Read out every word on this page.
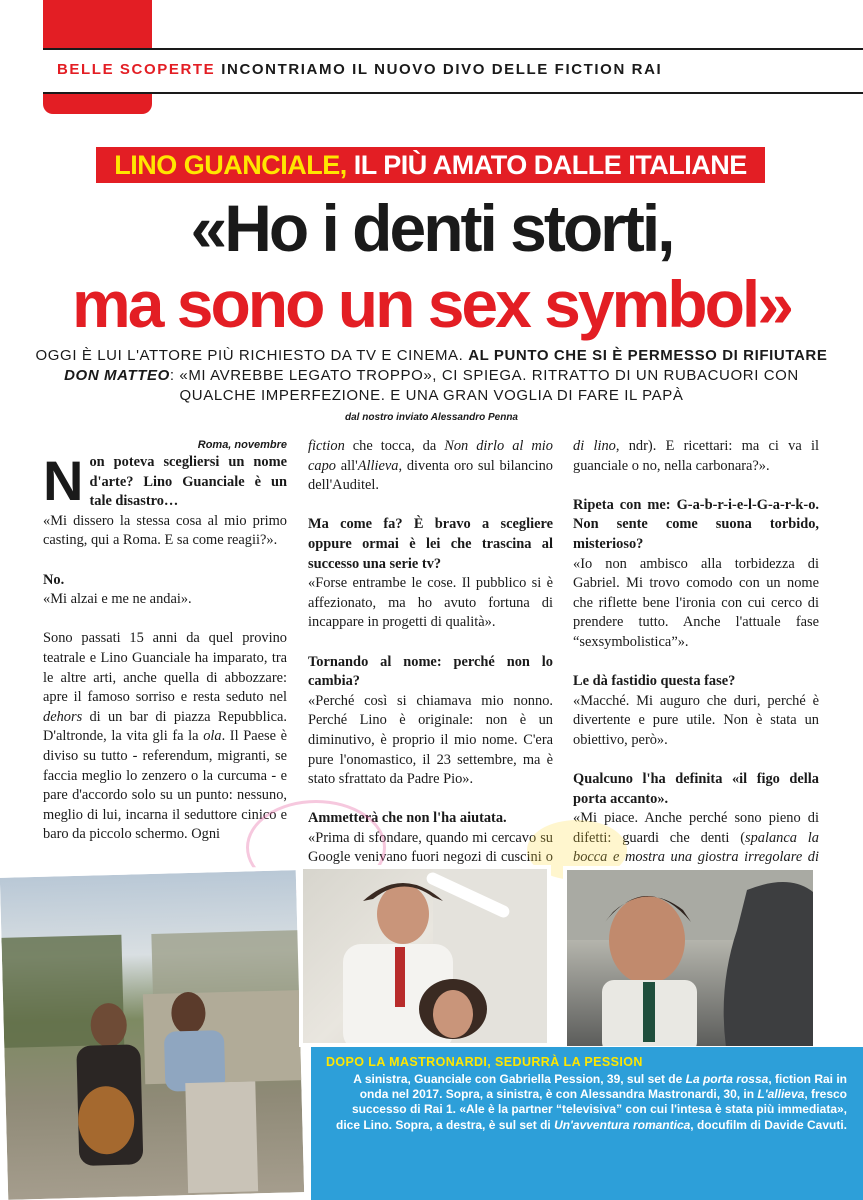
BELLE SCOPERTE INCONTRIAMO IL NUOVO DIVO DELLE FICTION RAI
LINO GUANCIALE, IL PIÙ AMATO DALLE ITALIANE
«Ho i denti storti,
ma sono un sex symbol»
OGGI È LUI L'ATTORE PIÙ RICHIESTO DA TV E CINEMA. AL PUNTO CHE SI È PERMESSO DI RIFIUTARE DON MATTEO: «MI AVREBBE LEGATO TROPPO», CI SPIEGA. RITRATTO DI UN RUBACUORI CON QUALCHE IMPERFEZIONE. E UNA GRAN VOGLIA DI FARE IL PAPÀ
dal nostro inviato Alessandro Penna

Roma, novembre

Non poteva scegliersi un nome d'arte? Lino Guanciale è un tale disastro…

«Mi dissero la stessa cosa al mio primo casting, qui a Roma. E sa come reagii?».

No.

«Mi alzai e me ne andai».

Sono passati 15 anni da quel provino teatrale e Lino Guanciale ha imparato, tra le altre arti, anche quella di abbozzare: apre il famoso sorriso e resta seduto nel dehors di un bar di piazza Repubblica. D'altronde, la vita gli fa la ola. Il Paese è diviso su tutto - referendum, migranti, se faccia meglio lo zenzero o la curcuma - e pare d'accordo solo su un punto: nessuno, meglio di lui, incarna il seduttore cinico e baro da piccolo schermo. Ogni

fiction che tocca, da Non dirlo al mio capo all'Allieva, diventa oro sul bilancino dell'Auditel.

Ma come fa? È bravo a scegliere oppure ormai è lei che trascina al successo una serie tv?

«Forse entrambe le cose. Il pubblico si è affezionato, ma ho avuto fortuna di incappare in progetti di qualità».

Tornando al nome: perché non lo cambia?

«Perché così si chiamava mio nonno. Perché Lino è originale: non è un diminutivo, è proprio il mio nome. C'era pure l'onomastico, il 23 settembre, ma è stato sfrattato da Padre Pio».

Ammetterà che non l'ha aiutata.

«Prima di sfondare, quando mi cercavo su Google venivano fuori negozi di cuscini o

di lino, ndr). E ricettari: ma ci va il guanciale o no, nella carbonara?».

Ripeta con me: G-a-b-r-i-e-l-G-a-r-k-o. Non sente come suona torbido, misterioso?

«Io non ambisco alla torbidezza di Gabriel. Mi trovo comodo con un nome che riflette bene l'ironia con cui cerco di prendere tutto. Anche l'attuale fase “sexsymbolistica”».

Le dà fastidio questa fase?

«Macché. Mi auguro che duri, perché è divertente e pure utile. Non è stata un obiettivo, però».

Qualcuno l'ha definita «il figo della porta accanto».

«Mi piace. Anche perché sono pieno di difetti: guardi che denti (spalanca la bocca e mostra una giostra irregolare di

DOPO LA MASTRONARDI, SEDURRÀ LA PESSION
A sinistra, Guanciale con Gabriella Pession, 39, sul set de La porta rossa, fiction Rai in onda nel 2017. Sopra, a sinistra, è con Alessandra Mastronardi, 30, in L'allieva, fresco successo di Rai 1. «Ale è la partner “televisiva” con cui l'intesa è stata più immediata», dice Lino. Sopra, a destra, è sul set di Un'avventura romantica, docufilm di Davide Cavuti.
